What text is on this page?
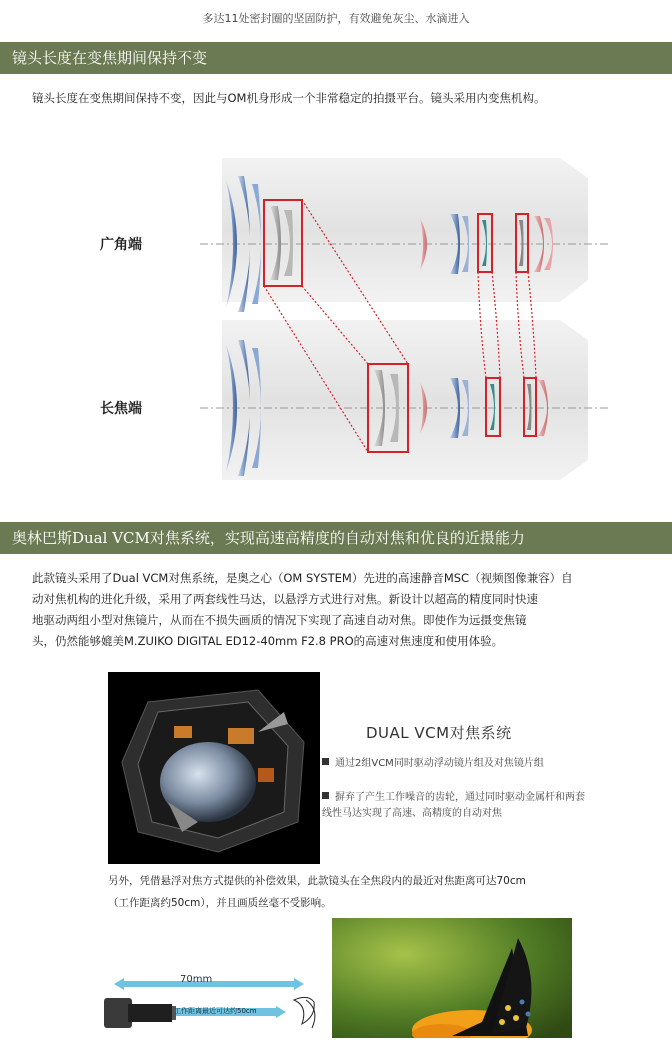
多达11处密封圈的坚固防护，有效避免灰尘、水滴进入
镜头长度在变焦期间保持不变
镜头长度在变焦期间保持不变，因此与OM机身形成一个非常稳定的拍摄平台。镜头采用内变焦机构。
广角端
长焦端
奥林巴斯Dual VCM对焦系统，实现高速高精度的自动对焦和优良的近摄能力
此款镜头采用了Dual VCM对焦系统，是奥之心（OM SYSTEM）先进的高速静音MSC（视频图像兼容）自
动对焦机构的进化升级，采用了两套线性马达，以悬浮方式进行对焦。新设计以超高的精度同时快速
地驱动两组小型对焦镜片，从而在不损失画质的情况下实现了高速自动对焦。即使作为远摄变焦镜
头，仍然能够媲美M.ZUIKO DIGITAL ED12-40mm F2.8 PRO的高速对焦速度和使用体验。
DUAL VCM对焦系统
通过2组VCM同时驱动浮动镜片组及对焦镜片组
摒弃了产生工作噪音的齿轮，通过同时驱动金属杆和两套线性马达实现了高速、高精度的自动对焦
另外，凭借悬浮对焦方式提供的补偿效果，此款镜头在全焦段内的最近对焦距离可达70cm
（工作距离约50cm），并且画质丝毫不受影响。
70mm
工作距离最近可达约50cm
